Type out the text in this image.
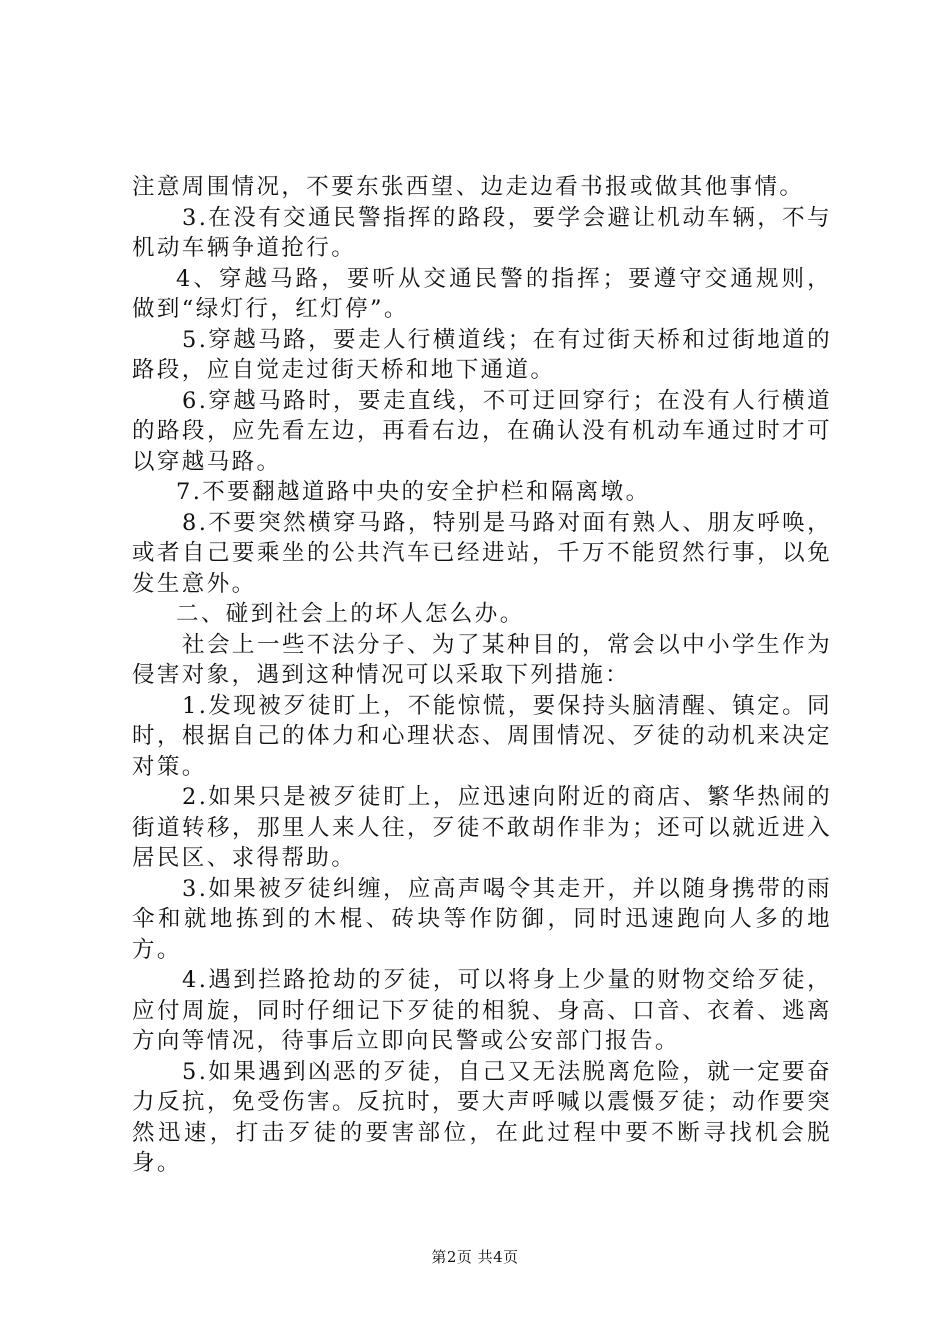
注意周围情况，不要东张西望、边走边看书报或做其他事情。

3.在没有交通民警指挥的路段，要学会避让机动车辆，不与机动车辆争道抢行。

4、穿越马路，要听从交通民警的指挥；要遵守交通规则，做到“绿灯行，红灯停”。

5.穿越马路，要走人行横道线；在有过街天桥和过街地道的路段，应自觉走过街天桥和地下通道。

6.穿越马路时，要走直线，不可迂回穿行；在没有人行横道的路段，应先看左边，再看右边，在确认没有机动车通过时才可以穿越马路。

7.不要翻越道路中央的安全护栏和隔离墩。

8.不要突然横穿马路，特别是马路对面有熟人、朋友呼唤，或者自己要乘坐的公共汽车已经进站，千万不能贸然行事，以免发生意外。

二、碰到社会上的坏人怎么办。

社会上一些不法分子、为了某种目的，常会以中小学生作为侵害对象，遇到这种情况可以采取下列措施：

1.发现被歹徒盯上，不能惊慌，要保持头脑清醒、镇定。同时，根据自己的体力和心理状态、周围情况、歹徒的动机来决定对策。

2.如果只是被歹徒盯上，应迅速向附近的商店、繁华热闹的街道转移，那里人来人往，歹徒不敢胡作非为；还可以就近进入居民区、求得帮助。

3.如果被歹徒纠缠，应高声喝令其走开，并以随身携带的雨伞和就地拣到的木棍、砖块等作防御，同时迅速跑向人多的地方。

4.遇到拦路抢劫的歹徒，可以将身上少量的财物交给歹徒，应付周旋，同时仔细记下歹徒的相貌、身高、口音、衣着、逃离方向等情况，待事后立即向民警或公安部门报告。

5.如果遇到凶恶的歹徒，自己又无法脱离危险，就一定要奋力反抗，免受伤害。反抗时，要大声呼喊以震慑歹徒；动作要突然迅速，打击歹徒的要害部位，在此过程中要不断寻找机会脱身。

第2页 共4页
